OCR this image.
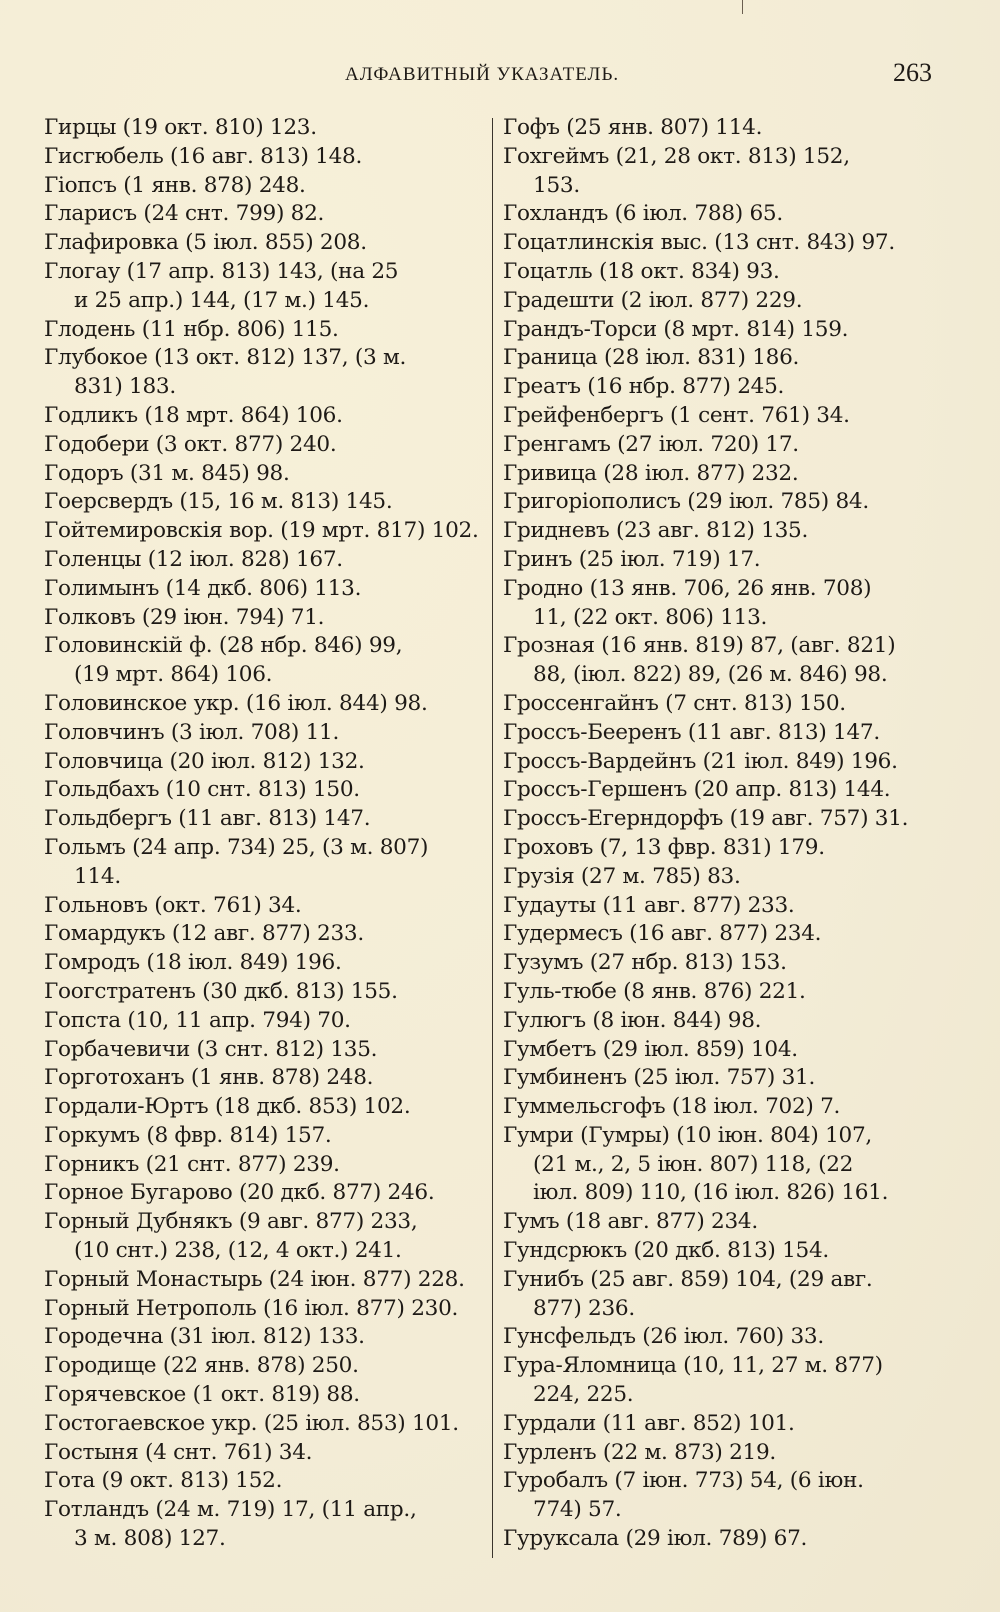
АЛФАВИТНЫЙ УКАЗАТЕЛЬ.	263
Гирцы (19 окт. 810) 123.
Гисгюбель (16 авг. 813) 148.
Гіопсъ (1 янв. 878) 248.
Гларисъ (24 снт. 799) 82.
Глафировка (5 іюл. 855) 208.
Глогау (17 апр. 813) 143, (на 25
и 25 апр.) 144, (17 м.) 145.
Глодень (11 нбр. 806) 115.
Глубокое (13 окт. 812) 137, (3 м.
831) 183.
Годликъ (18 мрт. 864) 106.
Годобери (3 окт. 877) 240.
Годоръ (31 м. 845) 98.
Гоерсвердъ (15, 16 м. 813) 145.
Гойтемировскія вор. (19 мрт. 817) 102.
Голенцы (12 іюл. 828) 167.
Голимынъ (14 дкб. 806) 113.
Голковъ (29 іюн. 794) 71.
Головинскій ф. (28 нбр. 846) 99,
(19 мрт. 864) 106.
Головинское укр. (16 іюл. 844) 98.
Головчинъ (3 іюл. 708) 11.
Головчица (20 іюл. 812) 132.
Гольдбахъ (10 снт. 813) 150.
Гольдбергъ (11 авг. 813) 147.
Гольмъ (24 апр. 734) 25, (3 м. 807)
114.
Гольновъ (окт. 761) 34.
Гомардукъ (12 авг. 877) 233.
Гомродъ (18 іюл. 849) 196.
Гоогстратенъ (30 дкб. 813) 155.
Гопста (10, 11 апр. 794) 70.
Горбачевичи (3 снт. 812) 135.
Горготоханъ (1 янв. 878) 248.
Гордали-Юртъ (18 дкб. 853) 102.
Горкумъ (8 фвр. 814) 157.
Горникъ (21 снт. 877) 239.
Горное Бугарово (20 дкб. 877) 246.
Горный Дубнякъ (9 авг. 877) 233,
(10 снт.) 238, (12, 4 окт.) 241.
Горный Монастырь (24 іюн. 877) 228.
Горный Нетрополь (16 іюл. 877) 230.
Городечна (31 іюл. 812) 133.
Городище (22 янв. 878) 250.
Горячевское (1 окт. 819) 88.
Гостогаевское укр. (25 іюл. 853) 101.
Гостыня (4 снт. 761) 34.
Гота (9 окт. 813) 152.
Готландъ (24 м. 719) 17, (11 апр.,
3 м. 808) 127.
Гофъ (25 янв. 807) 114.
Гохгеймъ (21, 28 окт. 813) 152,
153.
Гохландъ (6 іюл. 788) 65.
Гоцатлинскія выс. (13 снт. 843) 97.
Гоцатль (18 окт. 834) 93.
Градешти (2 іюл. 877) 229.
Грандъ-Торси (8 мрт. 814) 159.
Граница (28 іюл. 831) 186.
Греатъ (16 нбр. 877) 245.
Грейфенбергъ (1 сент. 761) 34.
Гренгамъ (27 іюл. 720) 17.
Гривица (28 іюл. 877) 232.
Григоріополисъ (29 іюл. 785) 84.
Гридневъ (23 авг. 812) 135.
Гринъ (25 іюл. 719) 17.
Гродно (13 янв. 706, 26 янв. 708)
11, (22 окт. 806) 113.
Грозная (16 янв. 819) 87, (авг. 821)
88, (іюл. 822) 89, (26 м. 846) 98.
Гроссенгайнъ (7 снт. 813) 150.
Гроссъ-Бееренъ (11 авг. 813) 147.
Гроссъ-Вардейнъ (21 іюл. 849) 196.
Гроссъ-Гершенъ (20 апр. 813) 144.
Гроссъ-Егерндорфъ (19 авг. 757) 31.
Гроховъ (7, 13 фвр. 831) 179.
Грузія (27 м. 785) 83.
Гудауты (11 авг. 877) 233.
Гудермесъ (16 авг. 877) 234.
Гузумъ (27 нбр. 813) 153.
Гуль-тюбе (8 янв. 876) 221.
Гулюгъ (8 іюн. 844) 98.
Гумбетъ (29 іюл. 859) 104.
Гумбиненъ (25 іюл. 757) 31.
Гуммельсгофъ (18 іюл. 702) 7.
Гумри (Гумры) (10 іюн. 804) 107,
(21 м., 2, 5 іюн. 807) 118, (22
іюл. 809) 110, (16 іюл. 826) 161.
Гумъ (18 авг. 877) 234.
Гундсрюкъ (20 дкб. 813) 154.
Гунибъ (25 авг. 859) 104, (29 авг.
877) 236.
Гунсфельдъ (26 іюл. 760) 33.
Гура-Яломница (10, 11, 27 м. 877)
224, 225.
Гурдали (11 авг. 852) 101.
Гурленъ (22 м. 873) 219.
Гуробалъ (7 іюн. 773) 54, (6 іюн.
774) 57.
Гуруксала (29 іюл. 789) 67.
